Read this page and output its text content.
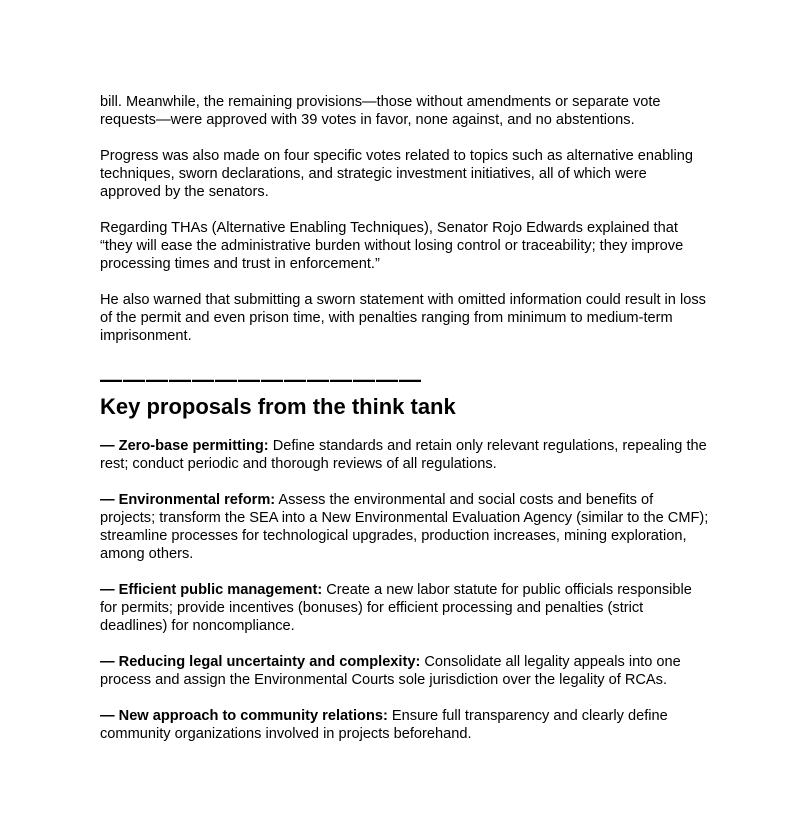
bill. Meanwhile, the remaining provisions—those without amendments or separate vote requests—were approved with 39 votes in favor, none against, and no abstentions.

Progress was also made on four specific votes related to topics such as alternative enabling techniques, sworn declarations, and strategic investment initiatives, all of which were approved by the senators.

Regarding THAs (Alternative Enabling Techniques), Senator Rojo Edwards explained that “they will ease the administrative burden without losing control or traceability; they improve processing times and trust in enforcement.”

He also warned that submitting a sworn statement with omitted information could result in loss of the permit and even prison time, with penalties ranging from minimum to medium-term imprisonment.

——————————————
Key proposals from the think tank

— Zero-base permitting: Define standards and retain only relevant regulations, repealing the rest; conduct periodic and thorough reviews of all regulations.

— Environmental reform: Assess the environmental and social costs and benefits of projects; transform the SEA into a New Environmental Evaluation Agency (similar to the CMF); streamline processes for technological upgrades, production increases, mining exploration, among others.

— Efficient public management: Create a new labor statute for public officials responsible for permits; provide incentives (bonuses) for efficient processing and penalties (strict deadlines) for noncompliance.

— Reducing legal uncertainty and complexity: Consolidate all legality appeals into one process and assign the Environmental Courts sole jurisdiction over the legality of RCAs.

— New approach to community relations: Ensure full transparency and clearly define community organizations involved in projects beforehand.
